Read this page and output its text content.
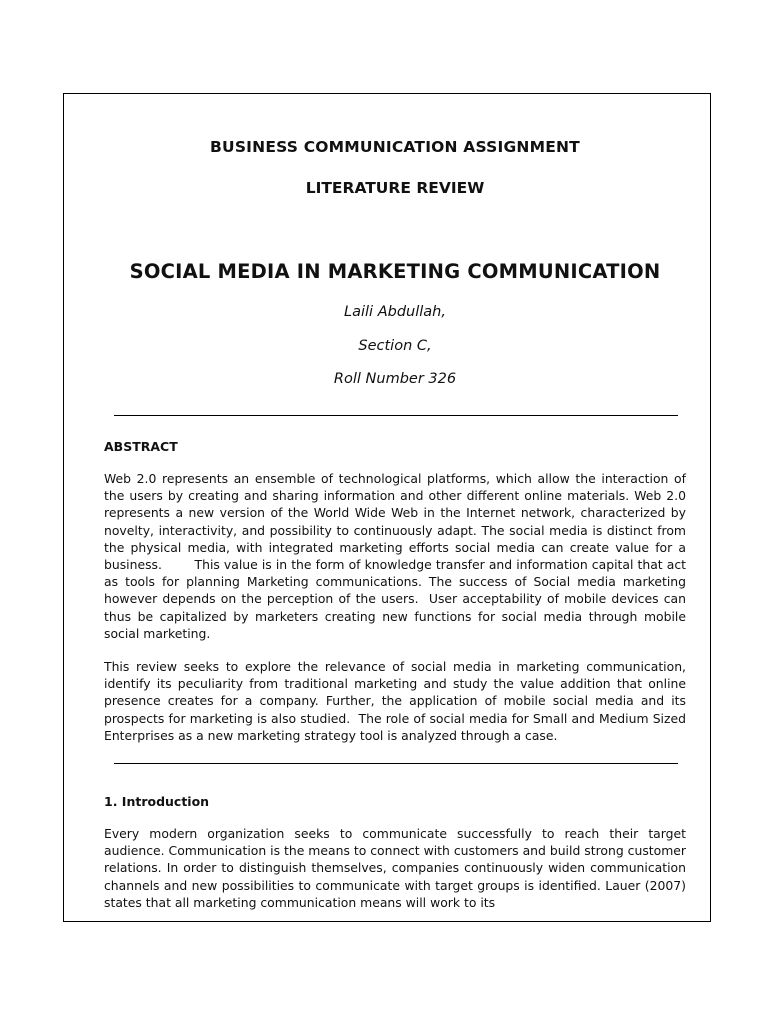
BUSINESS COMMUNICATION ASSIGNMENT
LITERATURE REVIEW
SOCIAL MEDIA IN MARKETING COMMUNICATION
Laili Abdullah,
Section C,
Roll Number 326
ABSTRACT

Web 2.0 represents an ensemble of technological platforms, which allow the interaction of the users by creating and sharing information and other different online materials. Web 2.0 represents a new version of the World Wide Web in the Internet network, characterized by novelty, interactivity, and possibility to continuously adapt. The social media is distinct from the physical media, with integrated marketing efforts social media can create value for a business.        This value is in the form of knowledge transfer and information capital that act as tools for planning Marketing communications. The success of Social media marketing however depends on the perception of the users.  User acceptability of mobile devices can thus be capitalized by marketers creating new functions for social media through mobile social marketing.

This review seeks to explore the relevance of social media in marketing communication, identify its peculiarity from traditional marketing and study the value addition that online presence creates for a company. Further, the application of mobile social media and its prospects for marketing is also studied.  The role of social media for Small and Medium Sized Enterprises as a new marketing strategy tool is analyzed through a case.

1. Introduction

Every modern organization seeks to communicate successfully to reach their target audience. Communication is the means to connect with customers and build strong customer relations. In order to distinguish themselves, companies continuously widen communication channels and new possibilities to communicate with target groups is identified. Lauer (2007) states that all marketing communication means will work to its
